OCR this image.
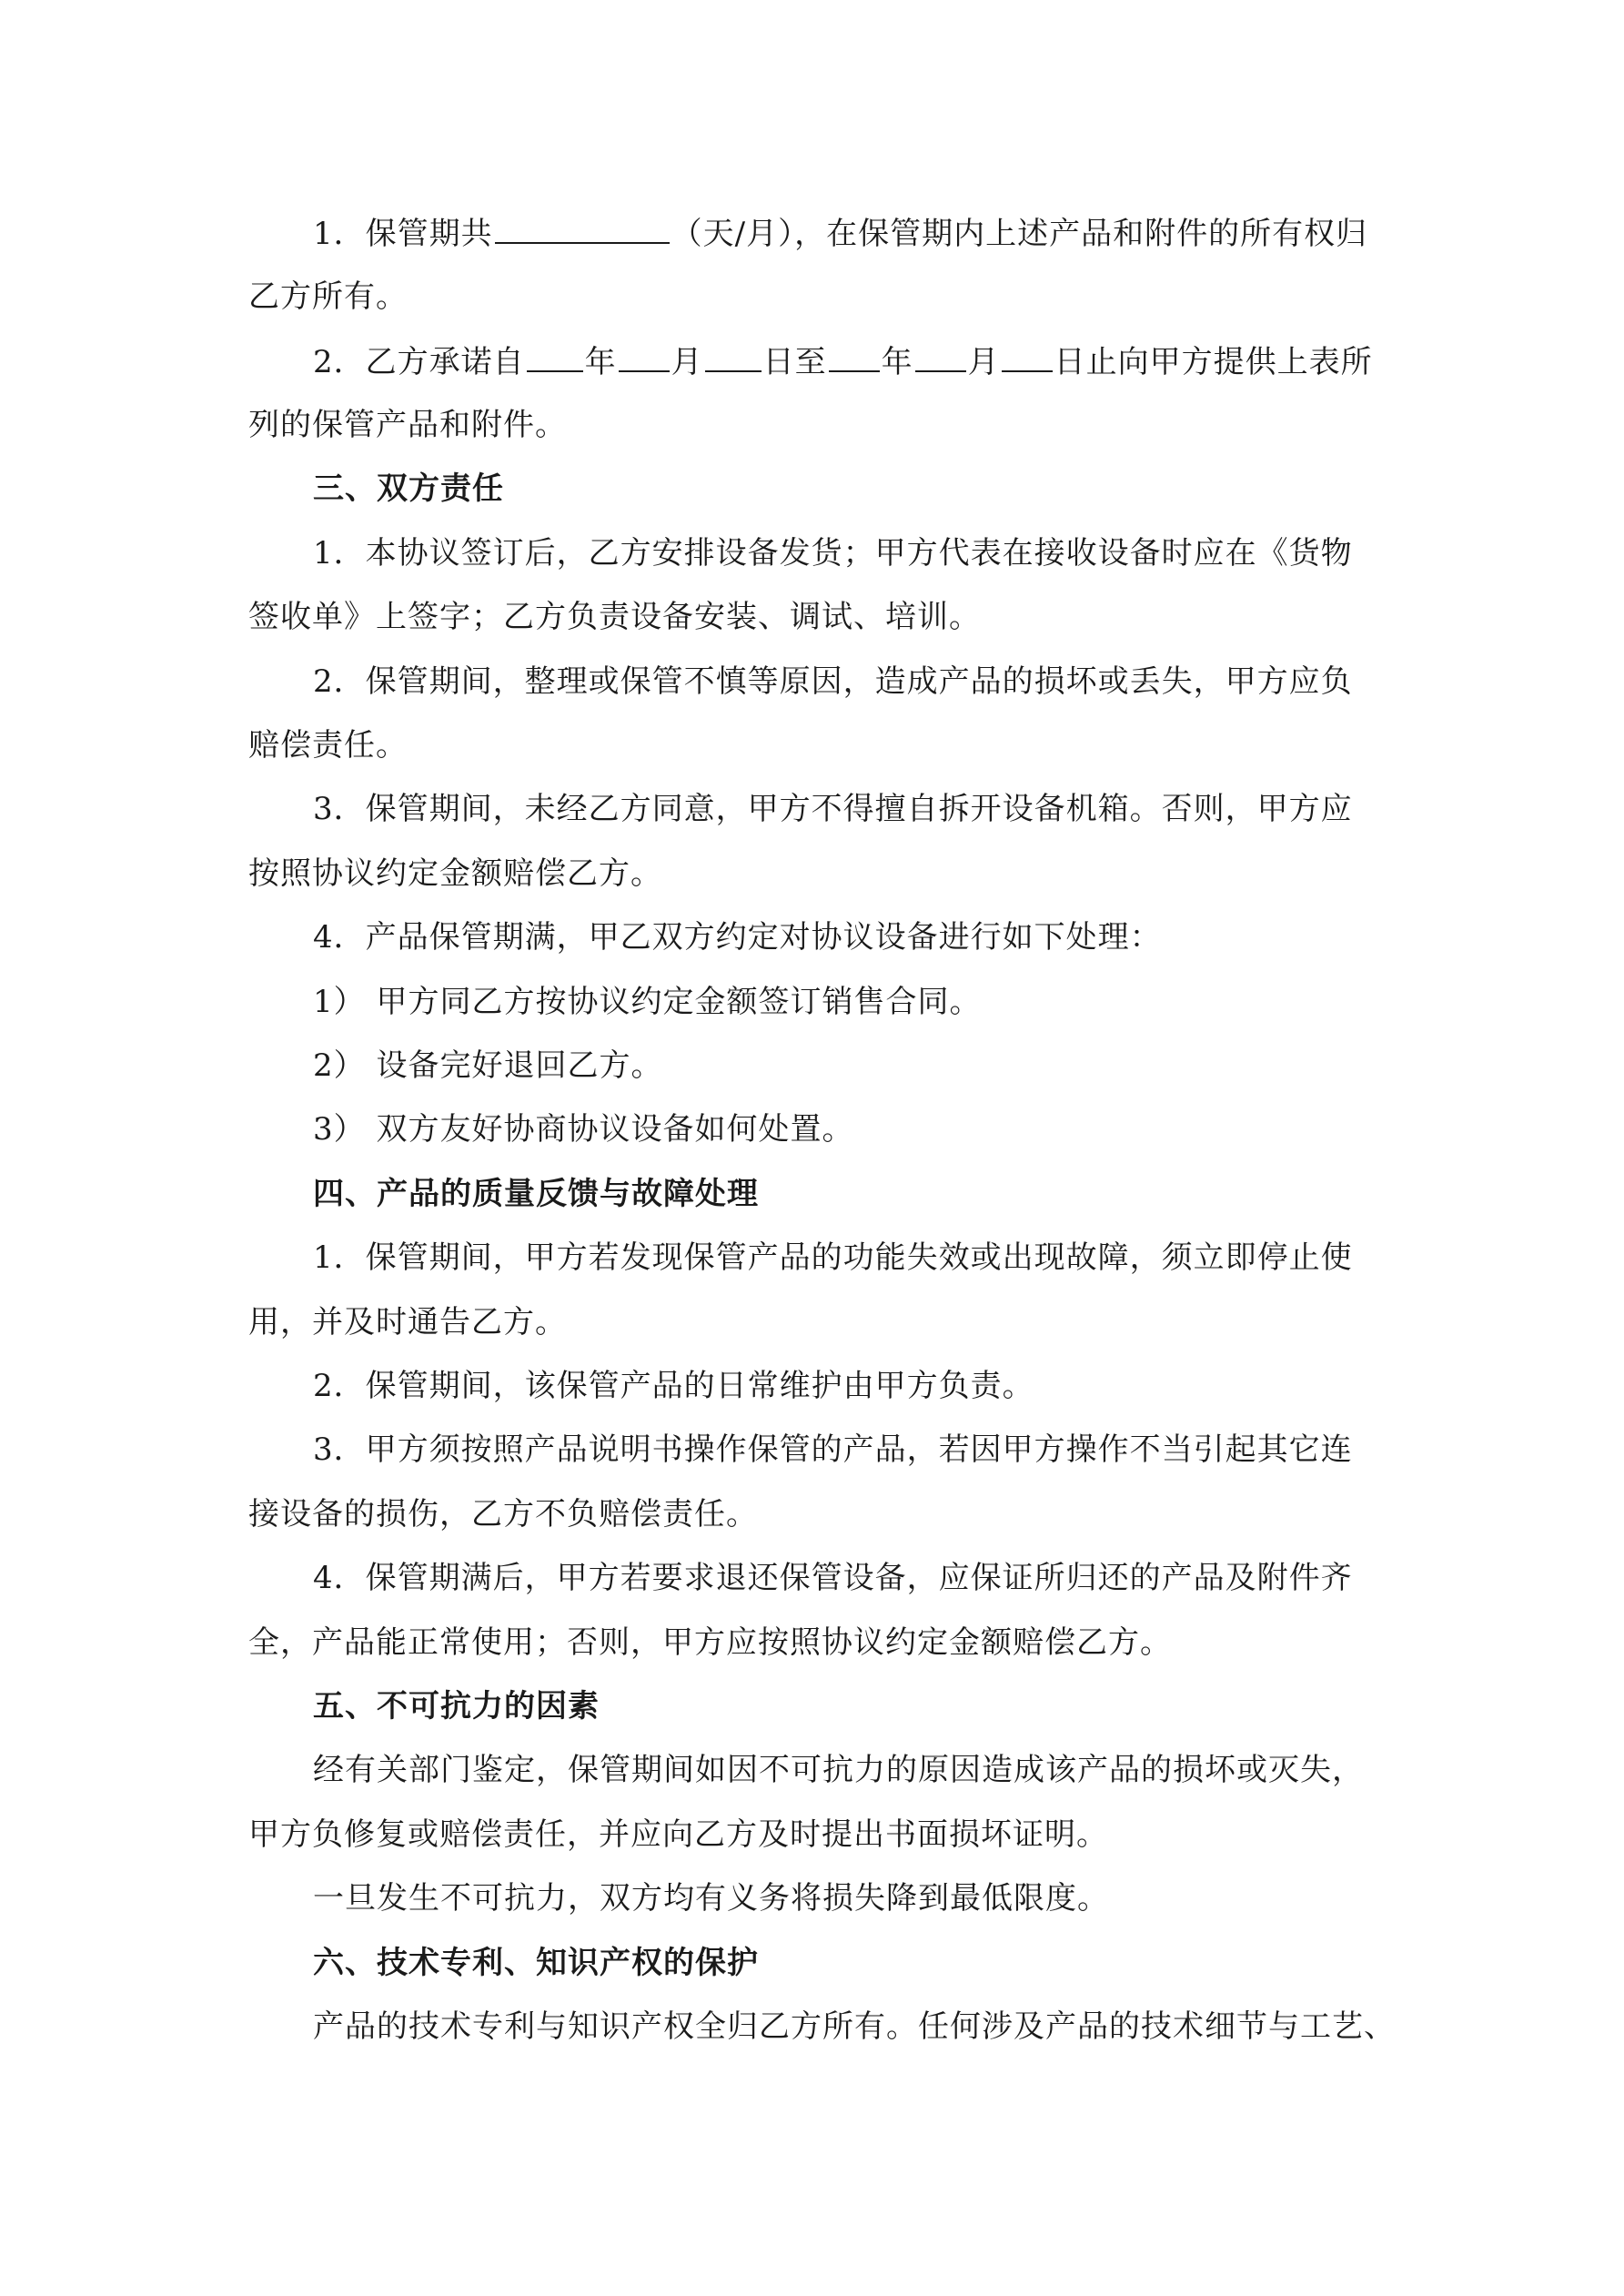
1．保管期共	（天/月），在保管期内上述产品和附件的所有权归
乙方所有。
2．乙方承诺自 年 月 日至 年 月 日止向甲方提供上表所
列的保管产品和附件。
三、双方责任
1．本协议签订后，乙方安排设备发货；甲方代表在接收设备时应在《货物
签收单》上签字；乙方负责设备安装、调试、培训。
2．保管期间，整理或保管不慎等原因，造成产品的损坏或丢失，甲方应负
赔偿责任。
3．保管期间，未经乙方同意，甲方不得擅自拆开设备机箱。否则，甲方应
按照协议约定金额赔偿乙方。
4．产品保管期满，甲乙双方约定对协议设备进行如下处理：
1） 甲方同乙方按协议约定金额签订销售合同。
2） 设备完好退回乙方。
3） 双方友好协商协议设备如何处置。
四、产品的质量反馈与故障处理
1．保管期间，甲方若发现保管产品的功能失效或出现故障，须立即停止使
用，并及时通告乙方。
2．保管期间，该保管产品的日常维护由甲方负责。
3．甲方须按照产品说明书操作保管的产品，若因甲方操作不当引起其它连
接设备的损伤，乙方不负赔偿责任。
4．保管期满后，甲方若要求退还保管设备，应保证所归还的产品及附件齐
全，产品能正常使用；否则，甲方应按照协议约定金额赔偿乙方。
五、不可抗力的因素
经有关部门鉴定，保管期间如因不可抗力的原因造成该产品的损坏或灭失，
甲方负修复或赔偿责任，并应向乙方及时提出书面损坏证明。
一旦发生不可抗力，双方均有义务将损失降到最低限度。
六、技术专利、知识产权的保护
产品的技术专利与知识产权全归乙方所有。任何涉及产品的技术细节与工艺、
